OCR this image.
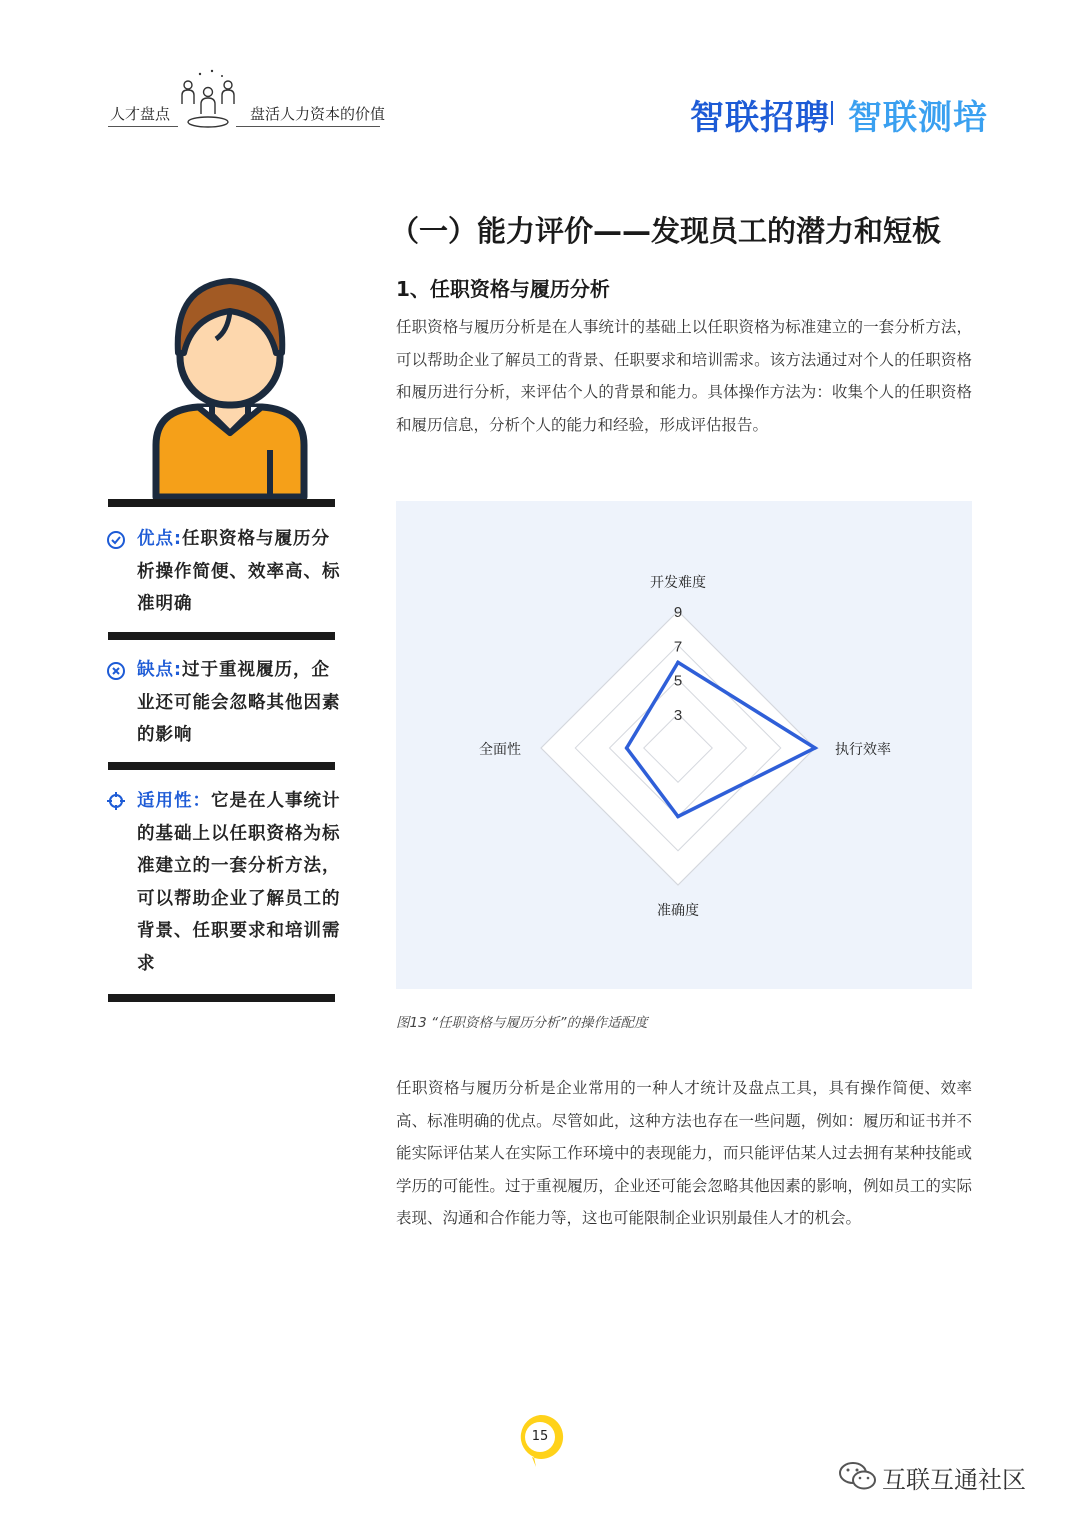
人才盘点	盘活人力资本的价值	智联招聘 智联测培
（一）能力评价——发现员工的潜力和短板
1、任职资格与履历分析
任职资格与履历分析是在人事统计的基础上以任职资格为标准建立的一套分析方法，可以帮助企业了解员工的背景、任职要求和培训需求。该方法通过对个人的任职资格和履历进行分析，来评估个人的背景和能力。具体操作方法为：收集个人的任职资格和履历信息，分析个人的能力和经验，形成评估报告。
优点:任职资格与履历分析操作简便、效率高、标准明确
缺点:过于重视履历，企业还可能会忽略其他因素的影响
适用性：它是在人事统计的基础上以任职资格为标准建立的一套分析方法，可以帮助企业了解员工的背景、任职要求和培训需求
3
5
7
9
开发难度
执行效率
准确度
全面性
图13 “任职资格与履历分析”的操作适配度
任职资格与履历分析是企业常用的一种人才统计及盘点工具，具有操作简便、效率高、标准明确的优点。尽管如此，这种方法也存在一些问题，例如：履历和证书并不能实际评估某人在实际工作环境中的表现能力，而只能评估某人过去拥有某种技能或学历的可能性。过于重视履历，企业还可能会忽略其他因素的影响，例如员工的实际表现、沟通和合作能力等，这也可能限制企业识别最佳人才的机会。
15
互联互通社区
